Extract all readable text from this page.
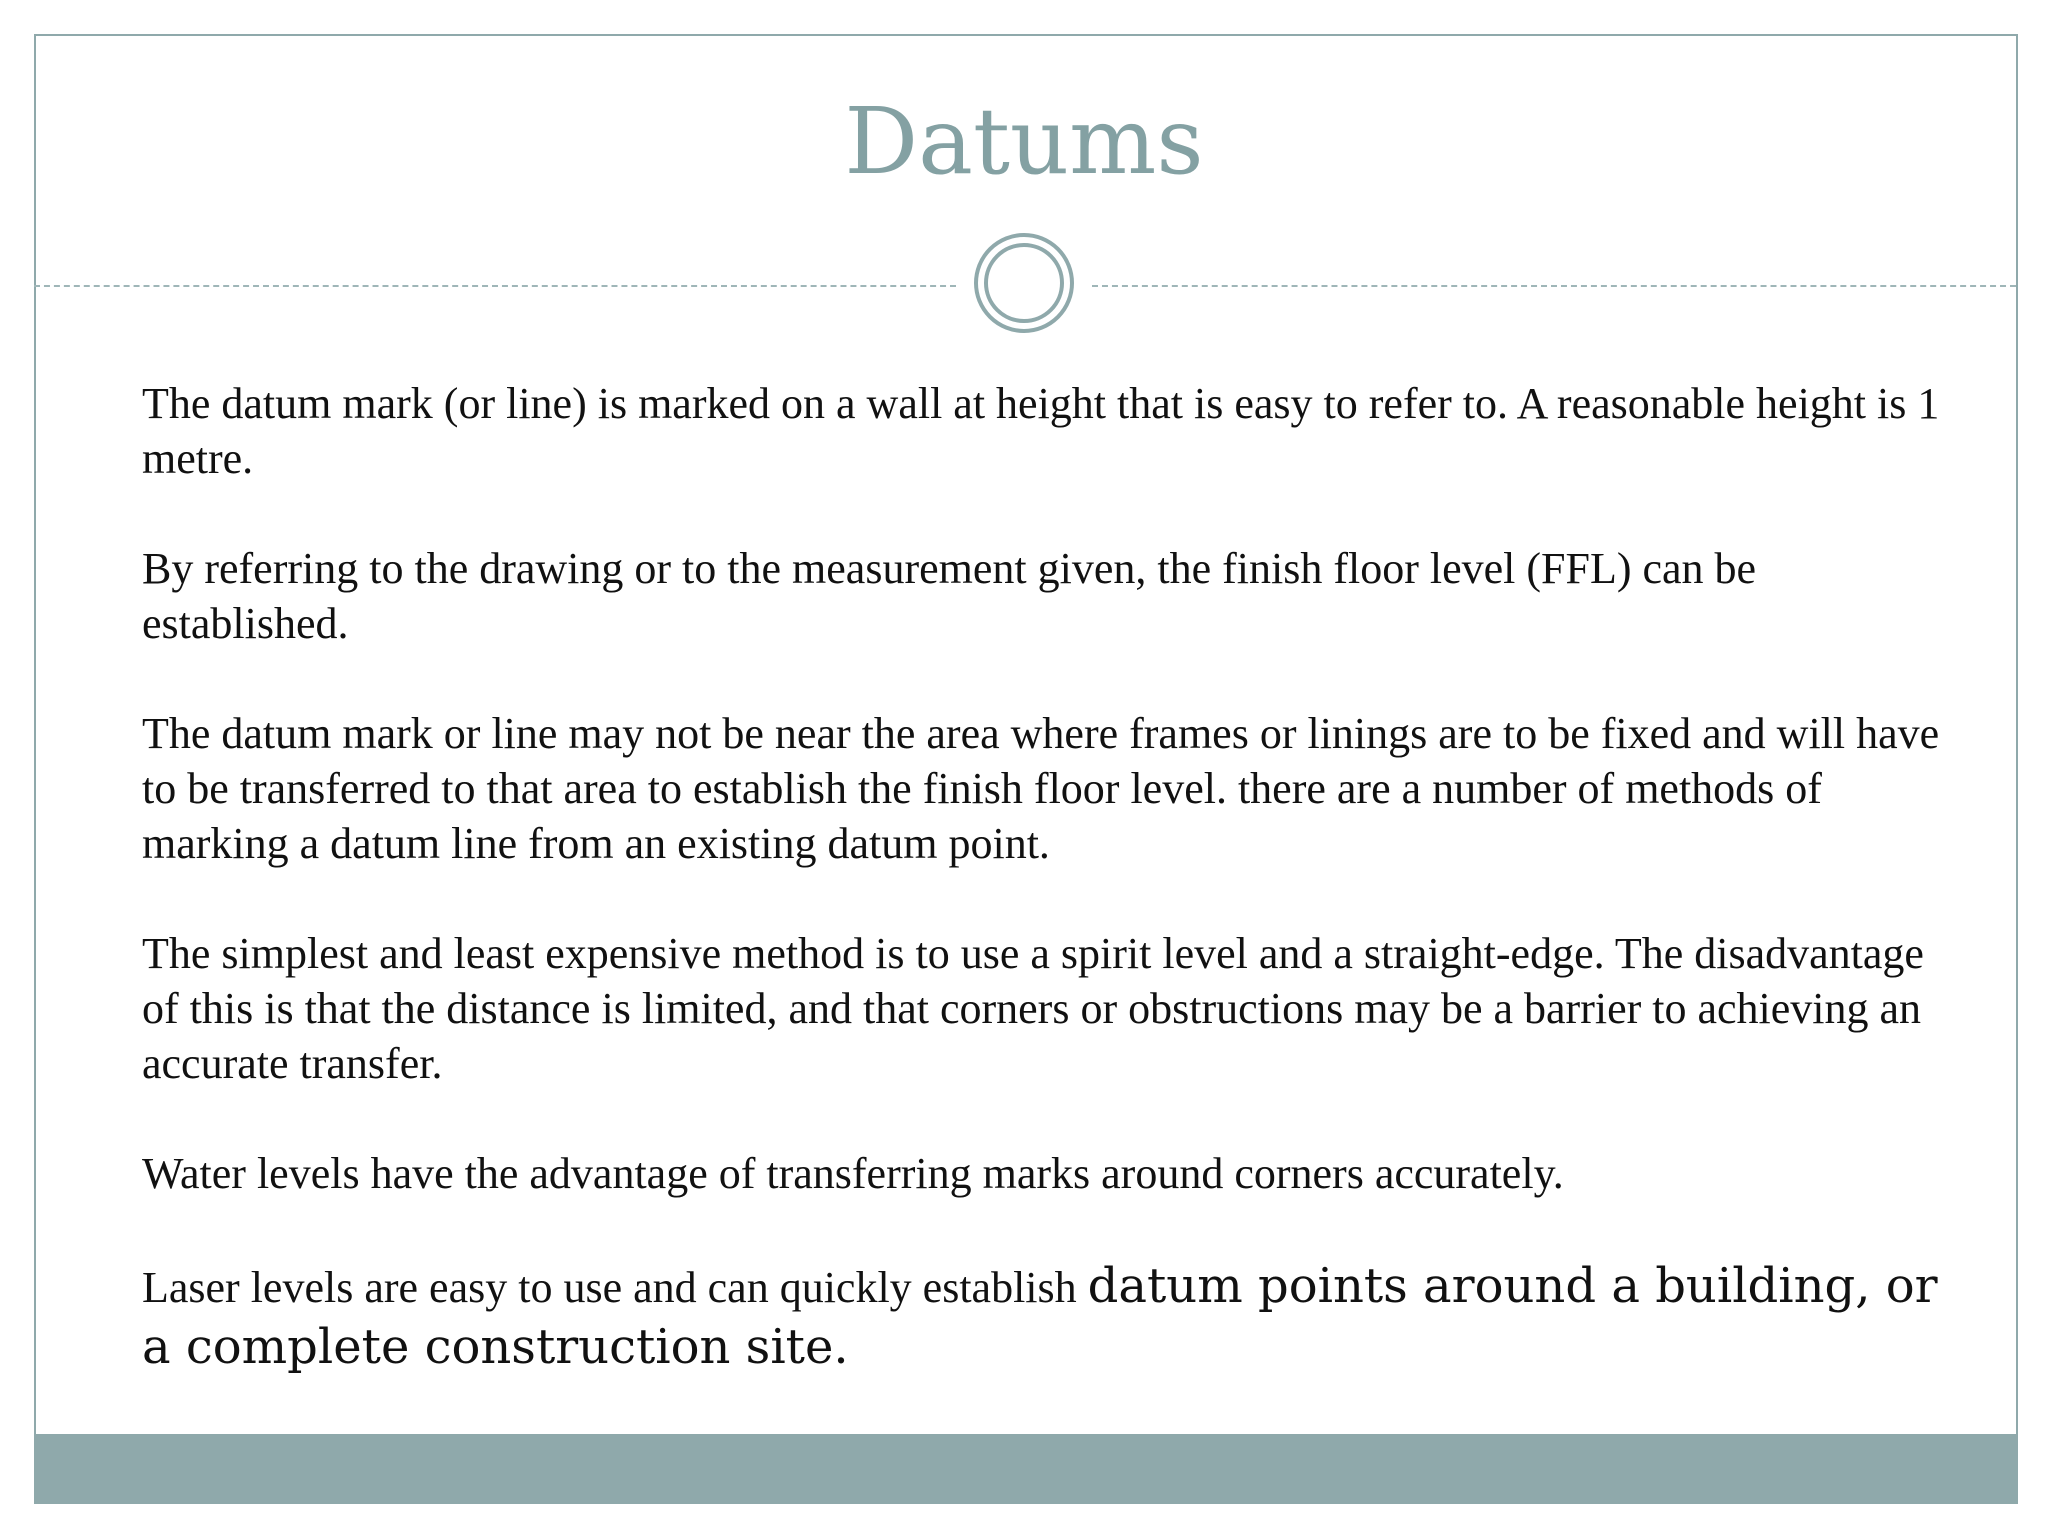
Datums

The datum mark (or line) is marked on a wall at height that is easy to refer to. A reasonable height is 1 metre.

By referring to the drawing or to the measurement given, the finish floor level (FFL) can be established.

The datum mark or line may not be near the area where frames or linings are to be fixed and will have to be transferred to that area to establish the finish floor level. there are a number of methods of marking a datum line from an existing datum point.

The simplest and least expensive method is to use a spirit level and a straight-edge. The disadvantage of this is that the distance is limited, and that corners or obstructions may be a barrier to achieving an accurate transfer.

Water levels have the advantage of transferring marks around corners accurately.

Laser levels are easy to use and can quickly establish datum points around a building, or a complete construction site.
